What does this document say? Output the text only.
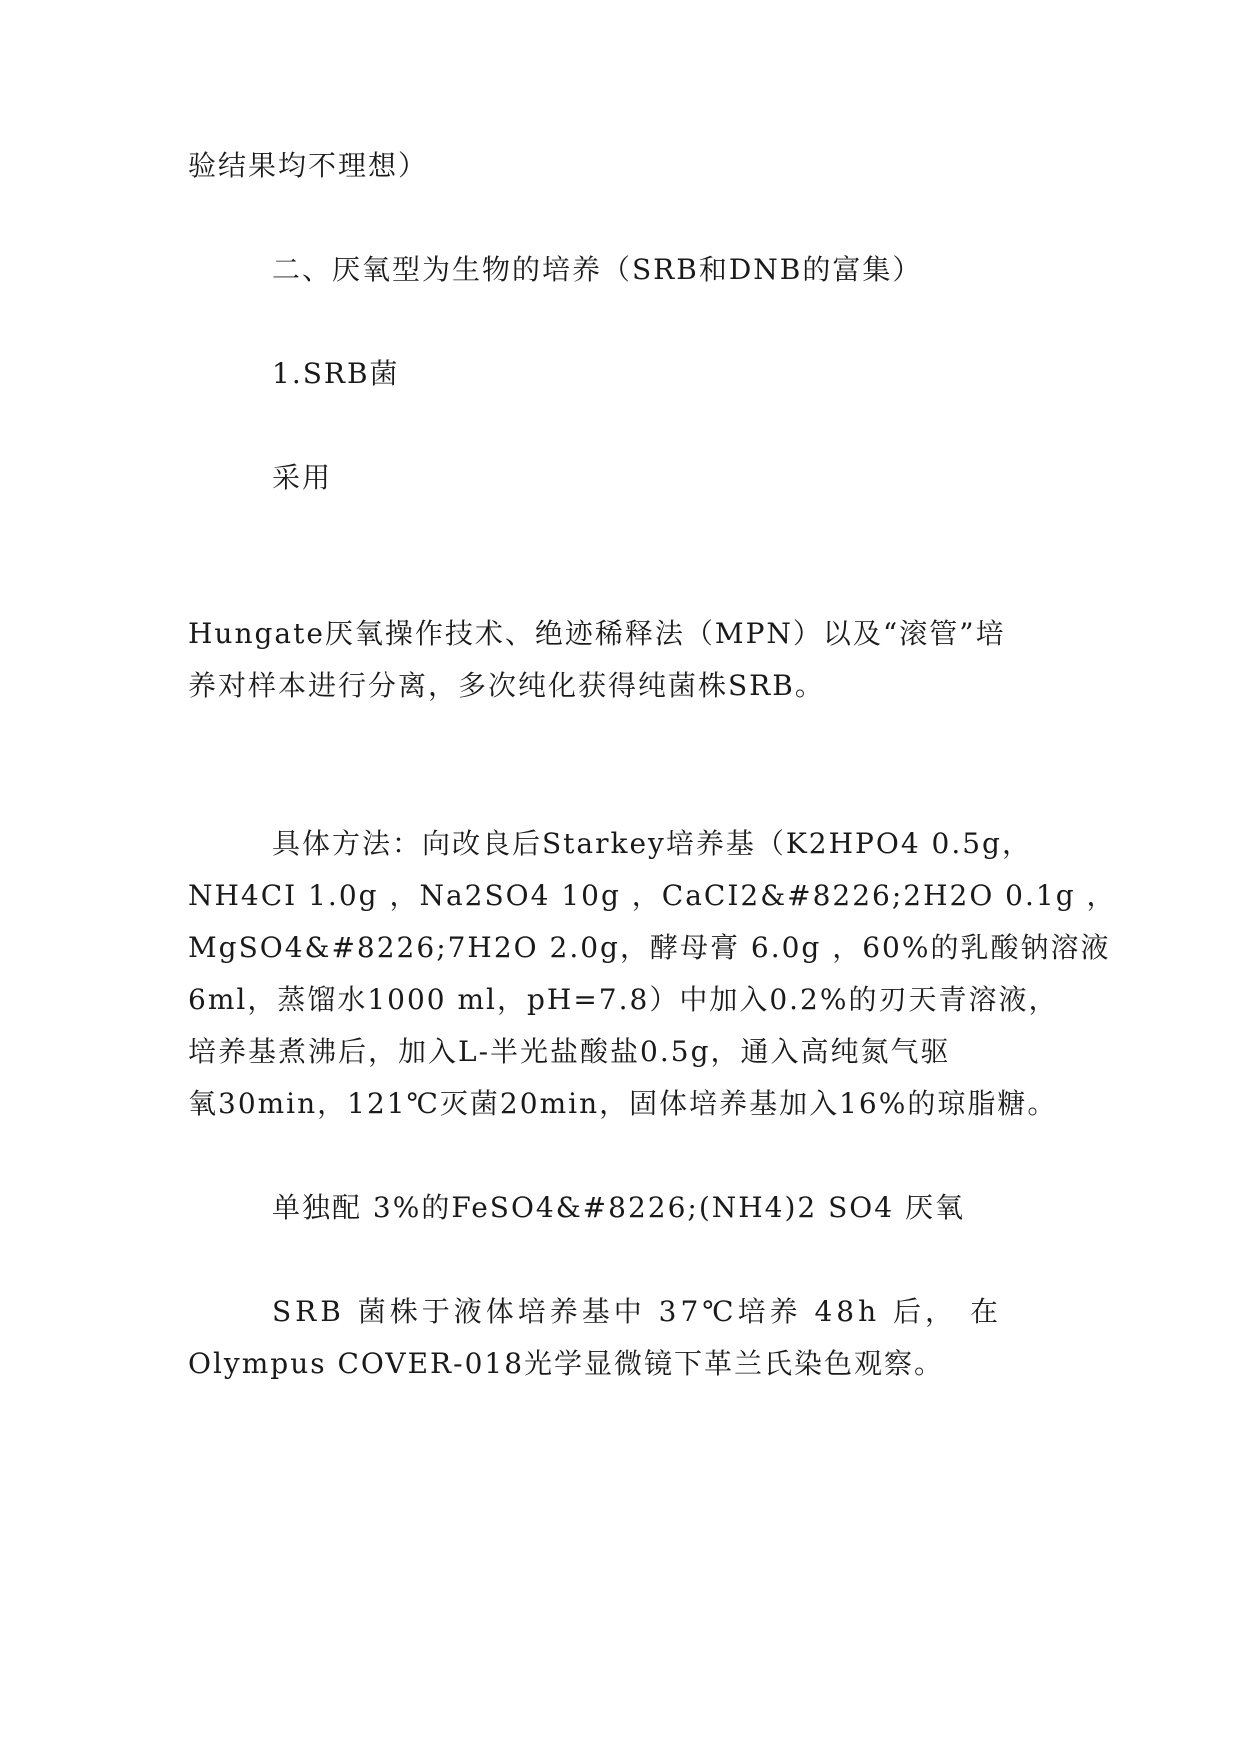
验结果均不理想）
二、厌氧型为生物的培养（SRB和DNB的富集）
1.SRB菌
采用
Hungate厌氧操作技术、绝迹稀释法（MPN）以及“滚管”培
养对样本进行分离，多次纯化获得纯菌株SRB。
具体方法：向改良后Starkey培养基（K2HPO4 0.5g，
NH4CI 1.0g ，Na2SO4 10g ，CaCI2&#8226;2H2O 0.1g ，
MgSO4&#8226;7H2O 2.0g，酵母膏 6.0g ，60%的乳酸钠溶液
6ml，蒸馏水1000 ml，pH=7.8）中加入0.2%的刃天青溶液，
培养基煮沸后，加入L-半光盐酸盐0.5g，通入高纯氮气驱
氧30min，121℃灭菌20min，固体培养基加入16%的琼脂糖。
单独配 3%的FeSO4&#8226;(NH4)2 SO4 厌氧
SRB 菌株于液体培养基中 37℃培养 48h 后， 在
Olympus COVER-018光学显微镜下革兰氏染色观察。
